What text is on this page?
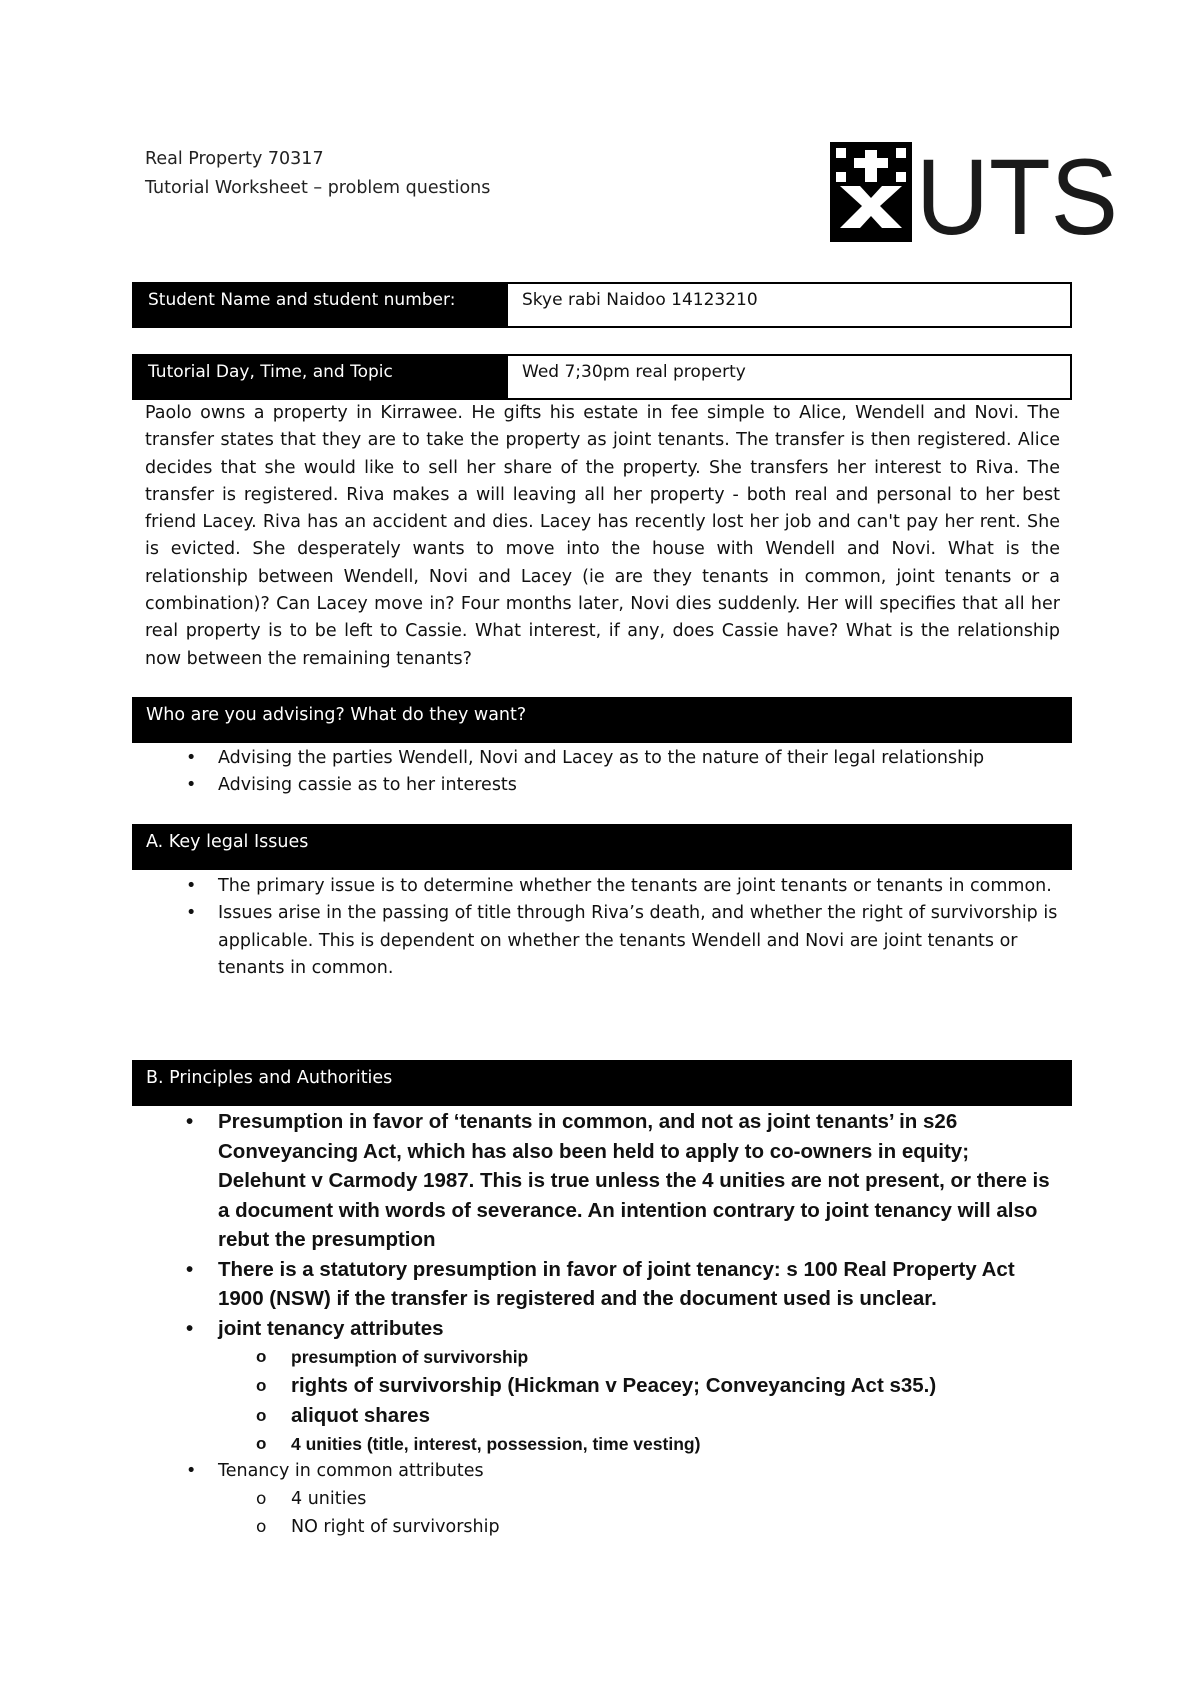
Real Property 70317
Tutorial Worksheet – problem questions	UTS
Student Name and student number:	Skye rabi Naidoo 14123210
Tutorial Day, Time, and Topic	Wed 7;30pm real property
Paolo owns a property in Kirrawee. He gifts his estate in fee simple to Alice, Wendell and Novi. The transfer states that they are to take the property as joint tenants. The transfer is then registered. Alice decides that she would like to sell her share of the property. She transfers her interest to Riva. The transfer is registered. Riva makes a will leaving all her property - both real and personal to her best friend Lacey. Riva has an accident and dies. Lacey has recently lost her job and can't pay her rent. She is evicted. She desperately wants to move into the house with Wendell and Novi. What is the relationship between Wendell, Novi and Lacey (ie are they tenants in common, joint tenants or a combination)? Can Lacey move in? Four months later, Novi dies suddenly. Her will specifies that all her real property is to be left to Cassie. What interest, if any, does Cassie have? What is the relationship now between the remaining tenants?
Who are you advising? What do they want?
• Advising the parties Wendell, Novi and Lacey as to the nature of their legal relationship
• Advising cassie as to her interests
A. Key legal Issues
• The primary issue is to determine whether the tenants are joint tenants or tenants in common.
• Issues arise in the passing of title through Riva’s death, and whether the right of survivorship is applicable. This is dependent on whether the tenants Wendell and Novi are joint tenants or tenants in common.
B. Principles and Authorities
• Presumption in favor of ‘tenants in common, and not as joint tenants’ in s26 Conveyancing Act, which has also been held to apply to co-owners in equity; Delehunt v Carmody 1987. This is true unless the 4 unities are not present, or there is a document with words of severance. An intention contrary to joint tenancy will also rebut the presumption
• There is a statutory presumption in favor of joint tenancy: s 100 Real Property Act 1900 (NSW) if the transfer is registered and the document used is unclear.
• joint tenancy attributes
o presumption of survivorship
o rights of survivorship (Hickman v Peacey; Conveyancing Act s35.)
o aliquot shares
o 4 unities (title, interest, possession, time vesting)
• Tenancy in common attributes
o 4 unities
o NO right of survivorship
